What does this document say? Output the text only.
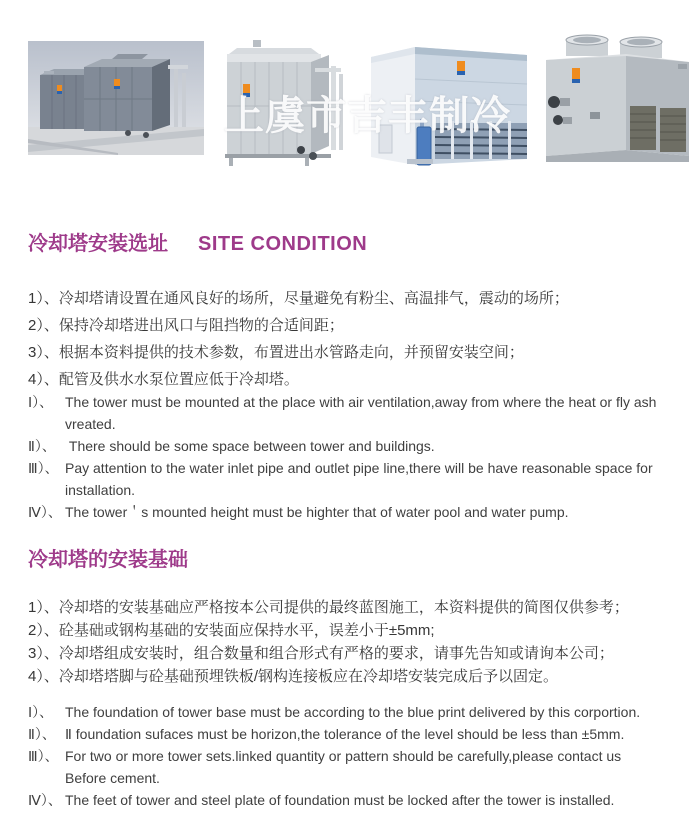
上虞市吉丰制冷
冷却塔安装选址 SITE CONDITION
1）、冷却塔请设置在通风良好的场所，尽量避免有粉尘、高温排气，震动的场所；
2）、保持冷却塔进出风口与阻挡物的合适间距；
3）、根据本资料提供的技术参数，布置进出水管路走向，并预留安装空间；
4）、配管及供水水泵位置应低于冷却塔。
Ⅰ）、 The tower must be mounted at the place with air ventilation,away from where the heat or fly ash
vreated.
Ⅱ）、 There should be some space between tower and buildings.
Ⅲ）、 Pay attention to the water inlet pipe and outlet pipe line,there will be have reasonable space for
installation.
Ⅳ）、 The tower＇s mounted height must be highter that of water pool and water pump.
冷却塔的安装基础
1）、冷却塔的安装基础应严格按本公司提供的最终蓝图施工，本资料提供的简图仅供参考；
2）、砼基础或钢构基础的安装面应保持水平，误差小于±5mm;
3）、冷却塔组成安装时，组合数量和组合形式有严格的要求，请事先告知或请询本公司；
4）、冷却塔塔脚与砼基础预埋铁板/钢构连接板应在冷却塔安装完成后予以固定。
Ⅰ）、 The foundation of tower base must be according to the blue print delivered by this corportion.
Ⅱ）、 Ⅱ foundation sufaces must be horizon,the tolerance of the level should be less than ±5mm.
Ⅲ）、 For two or more tower sets.linked quantity or pattern should be carefully,please contact us
Before cement.
Ⅳ）、 The feet of tower and steel plate of foundation must be locked after the tower is installed.
